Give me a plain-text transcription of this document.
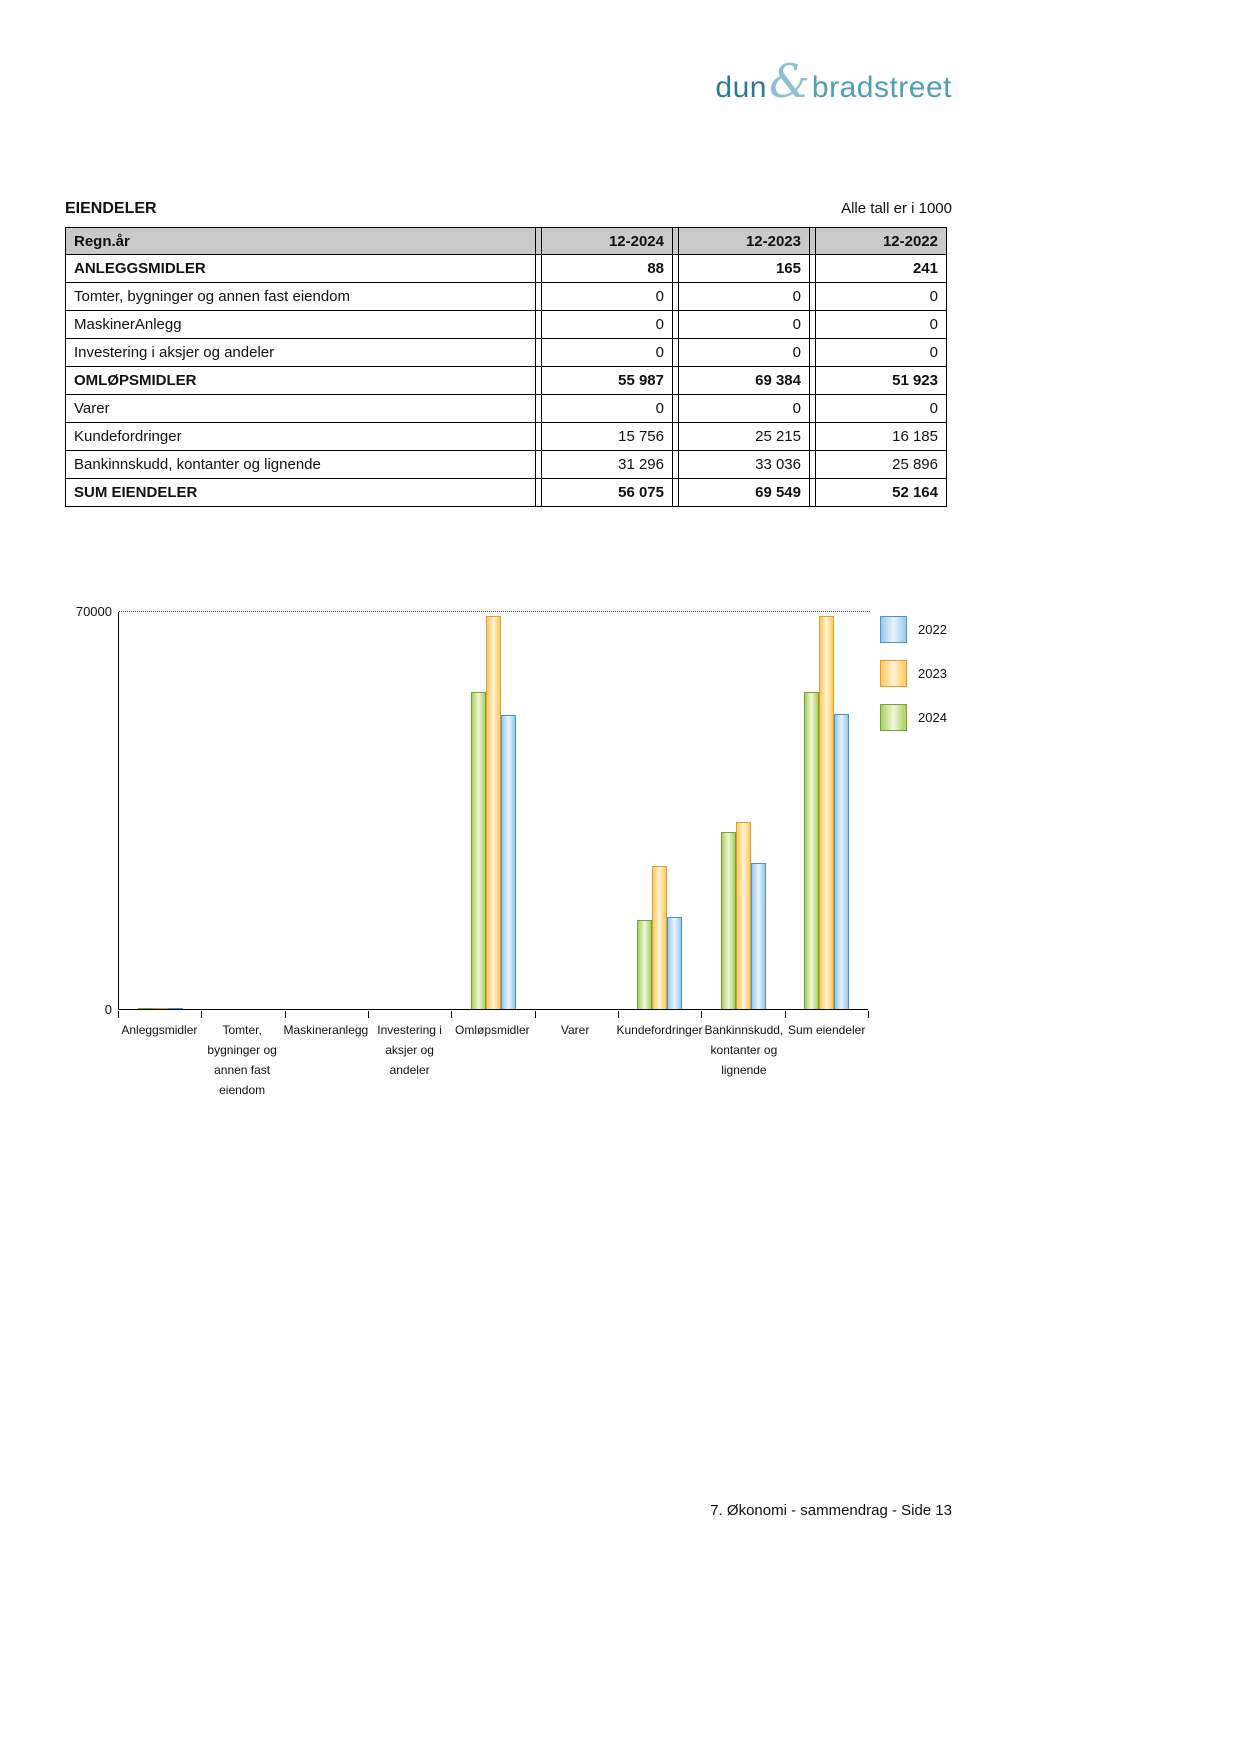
dun & bradstreet
EIENDELER	Alle tall er i 1000
Regn.år		12-2024		12-2023		12-2022
ANLEGGSMIDLER		88		165		241
Tomter, bygninger og annen fast eiendom		0		0		0
MaskinerAnlegg		0		0		0
Investering i aksjer og andeler		0		0		0
OMLØPSMIDLER		55 987		69 384		51 923
Varer		0		0		0
Kundefordringer		15 756		25 215		16 185
Bankinnskudd, kontanter og lignende		31 296		33 036		25 896
SUM EIENDELER		56 075		69 549		52 164
70000
0
Anleggsmidler	Tomter,
bygninger og
annen fast
eiendom
Maskineranlegg Investering i
aksjer og
andeler
Omløpsmidler	Varer	Kundefordringer Bankinnskudd,
kontanter og
lignende
Sum eiendeler
2022
2023
2024
7. Økonomi - sammendrag - Side 13
